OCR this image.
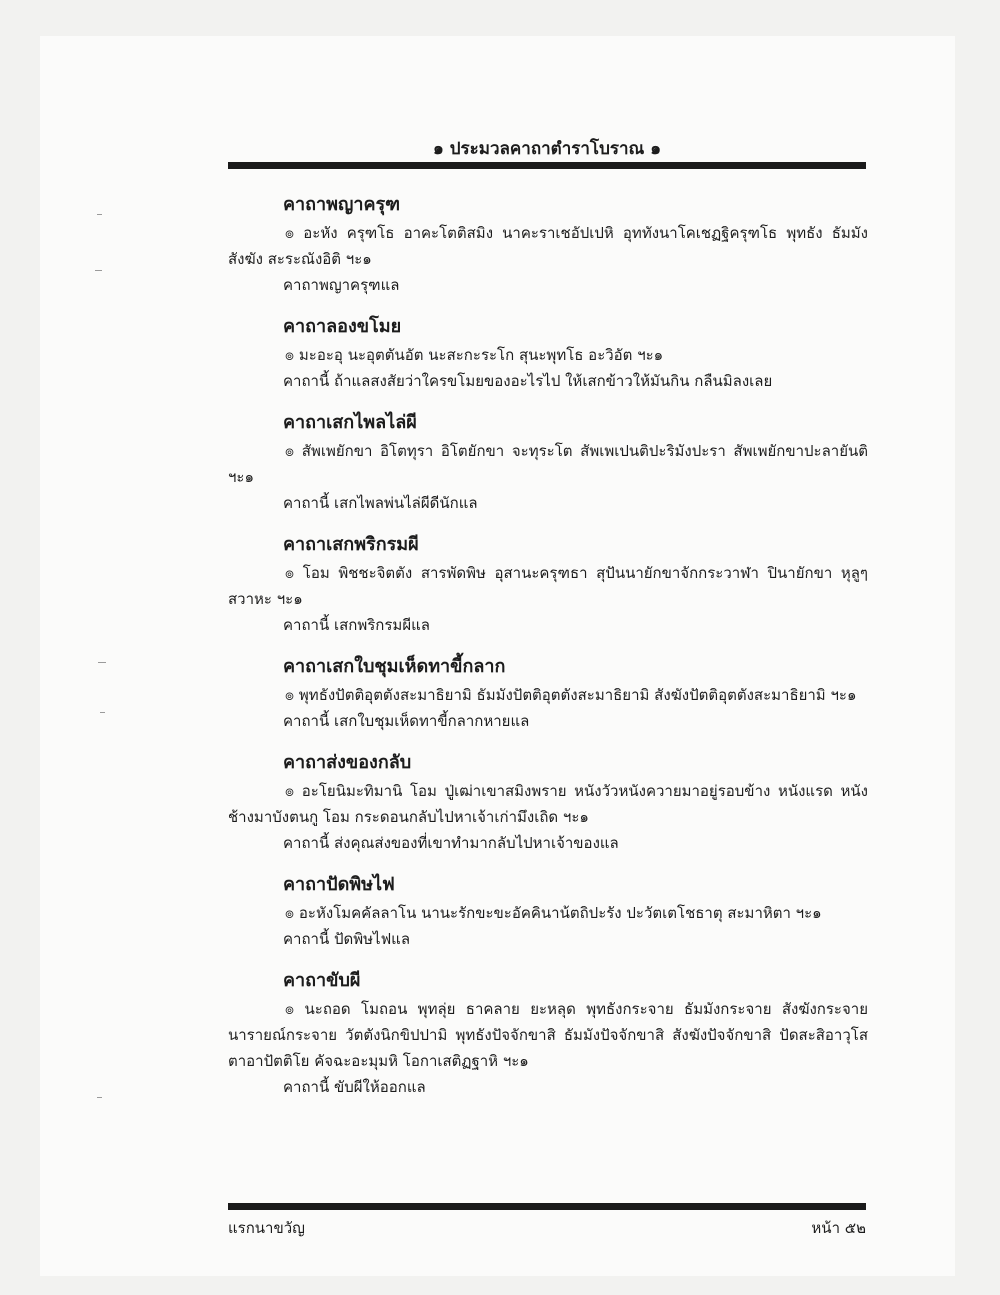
๑ ประมวลคาถาตำราโบราณ ๑
คาถาพญาครุฑ

๏ อะหัง ครุฑโธ อาคะโตติสมิง นาคะราเชอัปเปหิ อุททังนาโคเชฏฐิครุฑโธ พุทธัง ธัมมัง สังฆัง สะระณังอิติ ฯะ๑

คาถาพญาครุฑแล
คาถาลองขโมย

๏ มะอะอุ นะอุตตันอัต นะสะกะระโก สุนะพุทโธ อะวิอัต ฯะ๑

คาถานี้ ถ้าแลสงสัยว่าใครขโมยของอะไรไป ให้เสกข้าวให้มันกิน กลืนมิลงเลย
คาถาเสกไพลไล่ผี

๏ สัพเพยักขา อิโตทุรา อิโตยักขา จะทุระโต สัพเพเปนติปะริมังปะรา สัพเพยักขาปะลายันติ ฯะ๑

คาถานี้ เสกไพลพ่นไล่ผีดีนักแล
คาถาเสกพริกรมผี

๏ โอม พิชชะจิตตัง สารพัดพิษ อุสานะครุฑธา สุปันนายักขาจักกระวาฬา ปินายักขา หุลูๆ สวาหะ ฯะ๑

คาถานี้ เสกพริกรมผีแล
คาถาเสกใบชุมเห็ดทาขี้กลาก

๏ พุทธังปัตติอุตตังสะมาธิยามิ ธัมมังปัตติอุตตังสะมาธิยามิ สังฆังปัตติอุตตังสะมาธิยามิ ฯะ๑

คาถานี้ เสกใบชุมเห็ดทาขี้กลากหายแล
คาถาส่งของกลับ

๏ อะโยนิมะทิมานิ โอม ปู่เฒ่าเขาสมิงพราย หนังวัวหนังควายมาอยู่รอบข้าง หนังแรด หนังช้างมาบังตนกู โอม กระดอนกลับไปหาเจ้าเก่ามึงเถิด ฯะ๑

คาถานี้ ส่งคุณส่งของที่เขาทำมากลับไปหาเจ้าของแล
คาถาปัดพิษไฟ

๏ อะหังโมคคัลลาโน นานะรักขะขะอัคคินาน้ตถิปะรัง ปะวัตเตโชธาตุ สะมาหิตา ฯะ๑

คาถานี้ ปัดพิษไฟแล
คาถาขับผี

๏ นะถอด โมถอน พุทลุ่ย ธาคลาย ยะหลุด พุทธังกระจาย ธัมมังกระจาย สังฆังกระจาย นารายณ์กระจาย วัตตังนิกขิปปามิ พุทธังปัจจักขาสิ ธัมมังปัจจักขาสิ สังฆังปัจจักขาสิ ปัดสะสิอาวุโส ตาอาปัตติโย คัจฉะอะมุมหิ โอกาเสติฏฐาหิ ฯะ๑

คาถานี้ ขับผีให้ออกแล
แรกนาขวัญ	หน้า ๕๒
